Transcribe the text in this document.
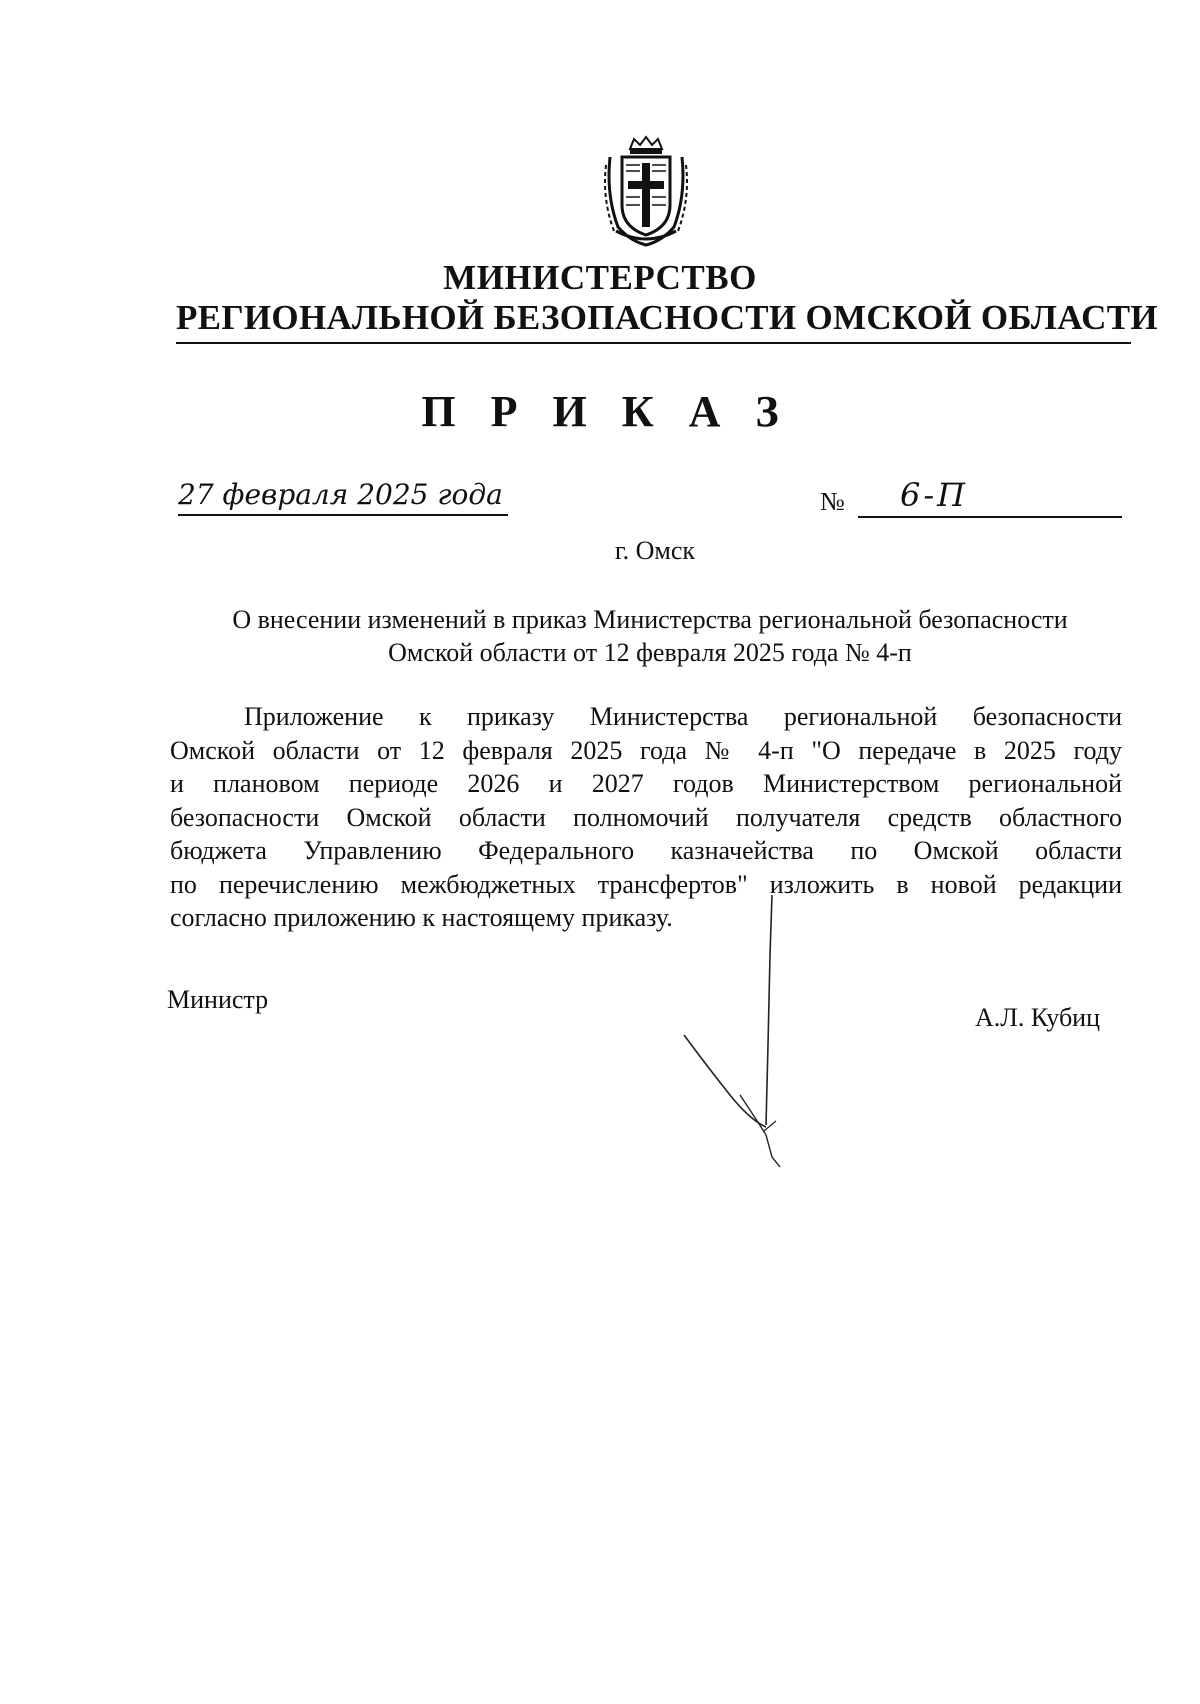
МИНИСТЕРСТВО
РЕГИОНАЛЬНОЙ БЕЗОПАСНОСТИ ОМСКОЙ ОБЛАСТИ
П Р И К А З
27 февраля 2025 года	№ 6-П
г. Омск
О внесении изменений в приказ Министерства региональной безопасности
Омской области от 12 февраля 2025 года № 4-п
Приложение к приказу Министерства региональной безопасности
Омской области от 12 февраля 2025 года № 4-п "О передаче в 2025 году
и плановом периоде 2026 и 2027 годов Министерством региональной
безопасности Омской области полномочий получателя средств областного
бюджета Управлению Федерального казначейства по Омской области
по перечислению межбюджетных трансфертов" изложить в новой редакции
согласно приложению к настоящему приказу.
Министр
А.Л. Кубиц
